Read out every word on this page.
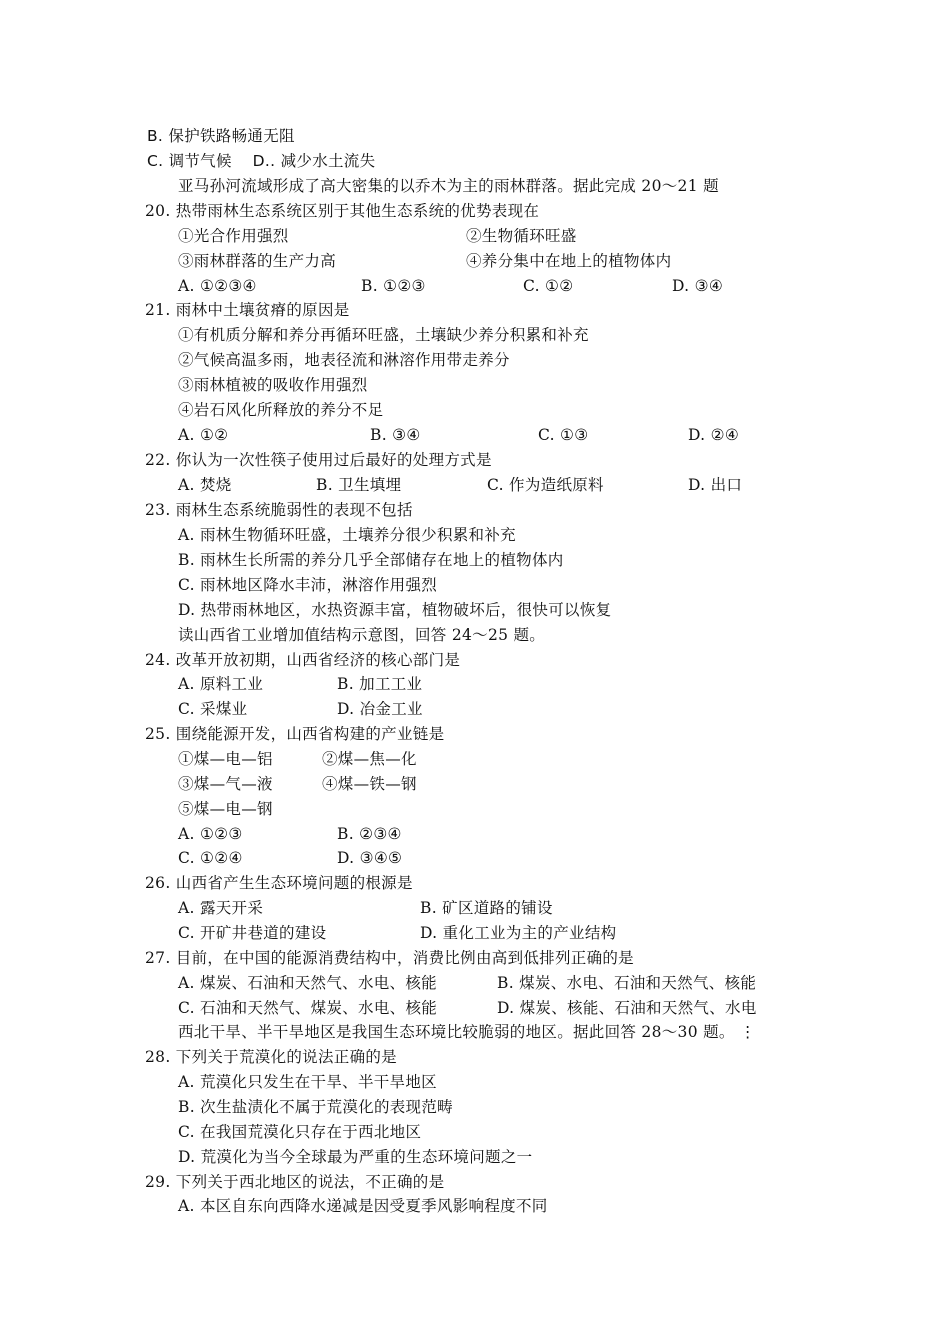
B. 保护铁路畅通无阻
C. 调节气候    D.. 减少水土流失
亚马孙河流域形成了高大密集的以乔木为主的雨林群落。据此完成 20～21 题
20. 热带雨林生态系统区别于其他生态系统的优势表现在
①光合作用强烈	②生物循环旺盛
③雨林群落的生产力高	④养分集中在地上的植物体内
A. ①②③④	B. ①②③	C. ①②	D. ③④
21. 雨林中土壤贫瘠的原因是
①有机质分解和养分再循环旺盛，土壤缺少养分积累和补充
②气候高温多雨，地表径流和淋溶作用带走养分
③雨林植被的吸收作用强烈
④岩石风化所释放的养分不足
A. ①②	B. ③④	C. ①③	D. ②④
22. 你认为一次性筷子使用过后最好的处理方式是
A. 焚烧	B. 卫生填埋	C. 作为造纸原料	D. 出口
23. 雨林生态系统脆弱性的表现不包括
A. 雨林生物循环旺盛，土壤养分很少积累和补充
B. 雨林生长所需的养分几乎全部储存在地上的植物体内
C. 雨林地区降水丰沛，淋溶作用强烈
D. 热带雨林地区，水热资源丰富，植物破坏后，很快可以恢复
读山西省工业增加值结构示意图，回答 24～25 题。
24. 改革开放初期，山西省经济的核心部门是
A. 原料工业	B. 加工工业
C. 采煤业	D. 冶金工业
25. 围绕能源开发，山西省构建的产业链是
①煤—电—铝	②煤—焦—化
③煤—气—液	④煤—铁—钢
⑤煤—电—钢
A. ①②③	B. ②③④
C. ①②④	D. ③④⑤
26. 山西省产生生态环境问题的根源是
A. 露天开采	B. 矿区道路的铺设
C. 开矿井巷道的建设	D. 重化工业为主的产业结构
27. 目前，在中国的能源消费结构中，消费比例由高到低排列正确的是
A. 煤炭、石油和天然气、水电、核能	B. 煤炭、水电、石油和天然气、核能
C. 石油和天然气、煤炭、水电、核能	D. 煤炭、核能、石油和天然气、水电
西北干旱、半干旱地区是我国生态环境比较脆弱的地区。据此回答 28～30 题。 ⋮
28. 下列关于荒漠化的说法正确的是
A. 荒漠化只发生在干旱、半干旱地区
B. 次生盐渍化不属于荒漠化的表现范畴
C. 在我国荒漠化只存在于西北地区
D. 荒漠化为当今全球最为严重的生态环境问题之一
29. 下列关于西北地区的说法，不正确的是
A. 本区自东向西降水递减是因受夏季风影响程度不同
